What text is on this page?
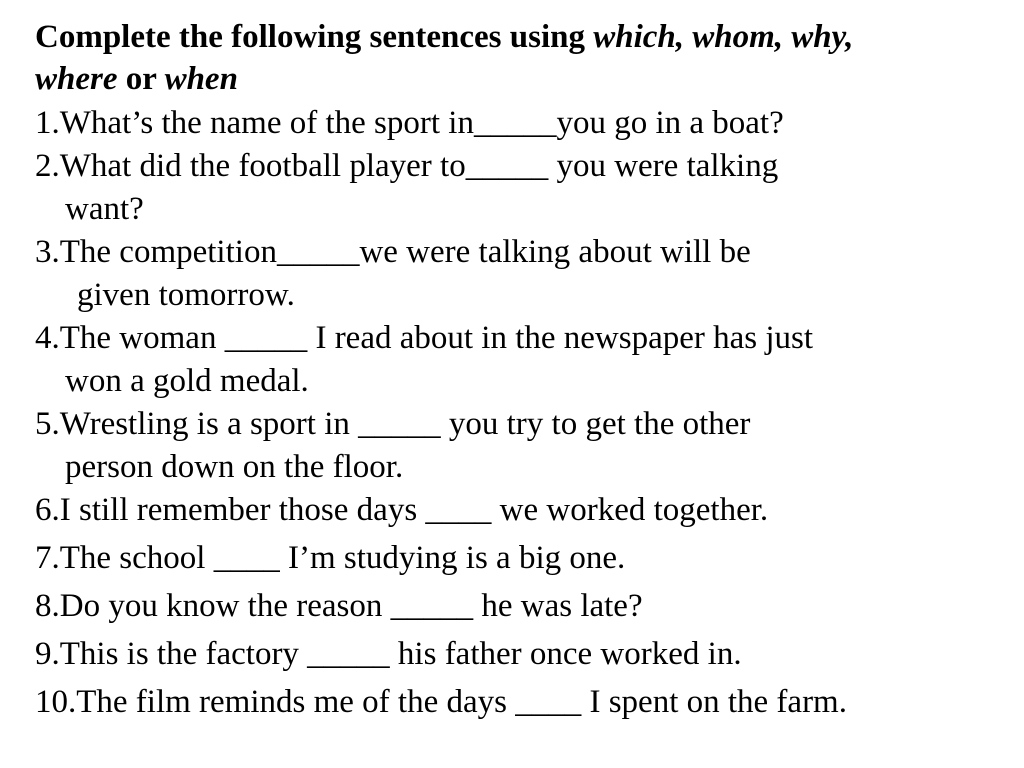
Complete the following sentences using which, whom, why,
where or when
1.What’s the name of the sport in_____you go in a boat?
2.What did the football player to_____ you were talking
want?
3.The competition_____we were talking about will be
given tomorrow.
4.The woman _____ I read about in the newspaper has just
won a gold medal.
5.Wrestling is a sport in _____ you try to get the other
person down on the floor.
6.I still remember those days ____ we worked together.
7.The school ____ I’m studying is a big one.
8.Do you know the reason _____ he was late?
9.This is the factory _____ his father once worked in.
10.The film reminds me of the days ____ I spent on the farm.
